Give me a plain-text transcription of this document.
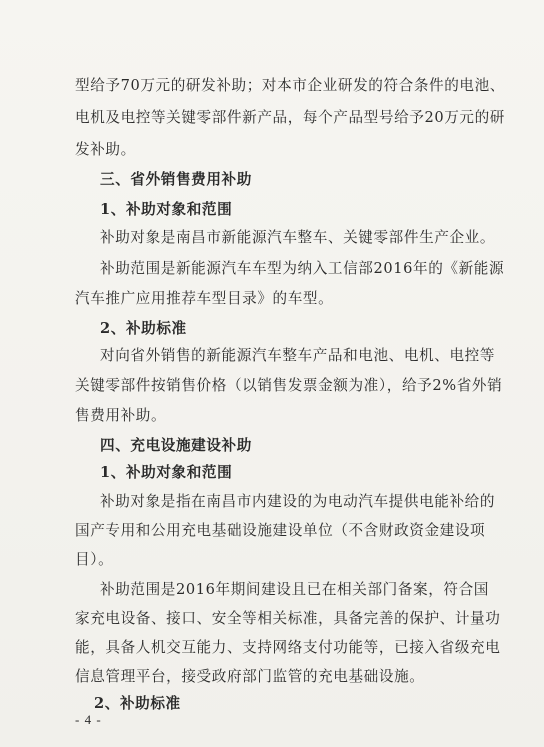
型给予70万元的研发补助；对本市企业研发的符合条件的电池、
电机及电控等关键零部件新产品，每个产品型号给予20万元的研
发补助。
三、省外销售费用补助
1、补助对象和范围
补助对象是南昌市新能源汽车整车、关键零部件生产企业。
补助范围是新能源汽车车型为纳入工信部2016年的《新能源
汽车推广应用推荐车型目录》的车型。
2、补助标准
对向省外销售的新能源汽车整车产品和电池、电机、电控等
关键零部件按销售价格（以销售发票金额为准），给予2%省外销
售费用补助。
四、充电设施建设补助
1、补助对象和范围
补助对象是指在南昌市内建设的为电动汽车提供电能补给的
国产专用和公用充电基础设施建设单位（不含财政资金建设项
目）。
补助范围是2016年期间建设且已在相关部门备案，符合国
家充电设备、接口、安全等相关标准，具备完善的保护、计量功
能，具备人机交互能力、支持网络支付功能等，已接入省级充电
信息管理平台，接受政府部门监管的充电基础设施。
2、补助标准
- 4 -
